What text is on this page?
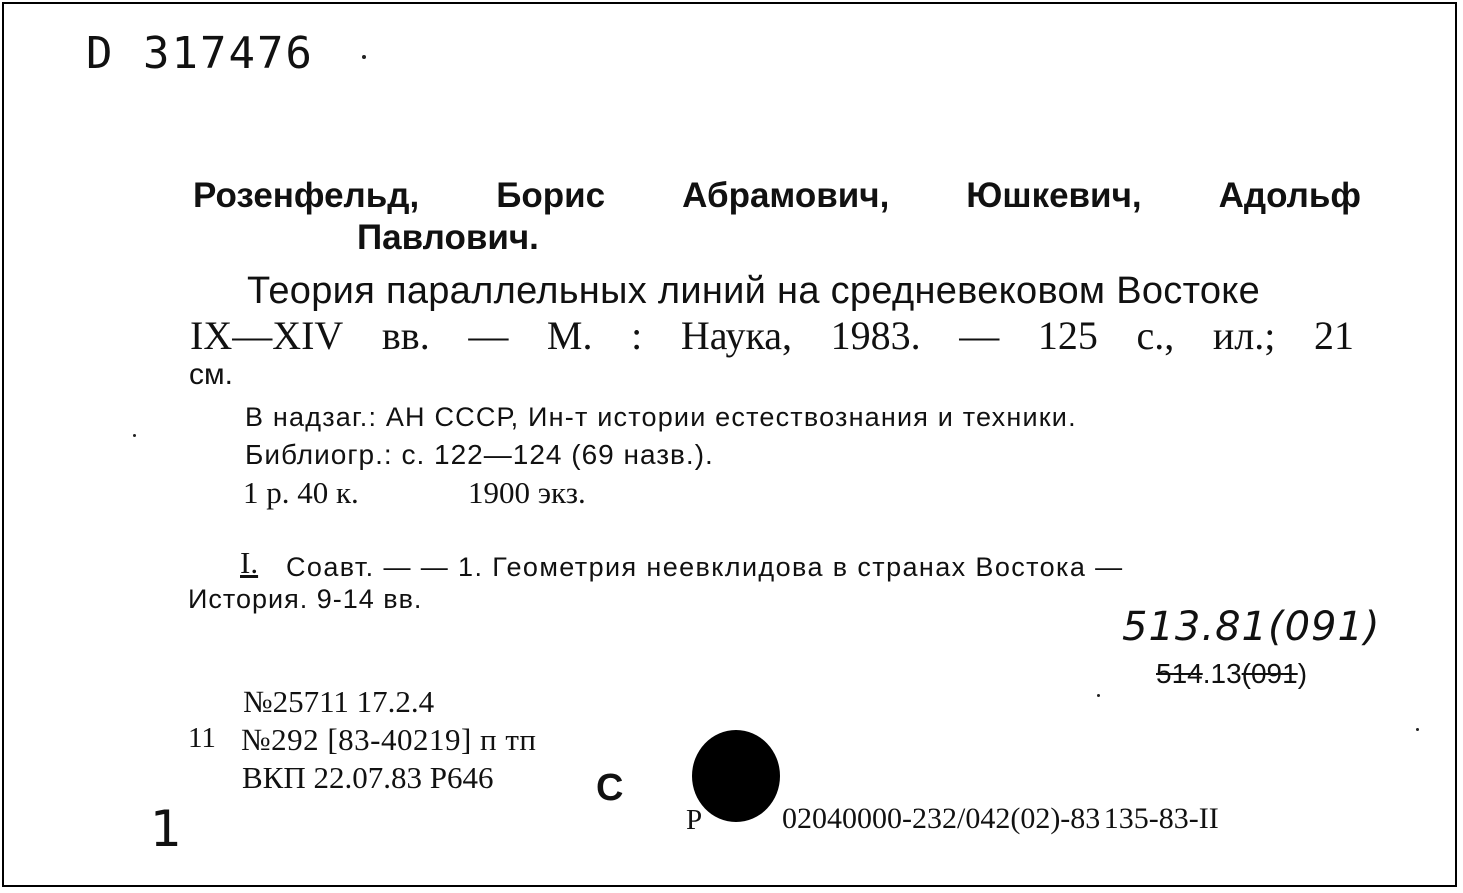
D 317476
Розенфельд, Борис Абрамович, Юшкевич, Адольф
Павлович.
Теория параллельных линий на средневековом Востоке
IX—XIV вв. — М. : Наука, 1983. — 125 с., ил.; 21
см.
В надзаг.: АН СССР, Ин-т истории естествознания и техники.
Библиогр.: с. 122—124 (69 назв.).
1 р. 40 к.	1900 экз.
I. Соавт. — — 1. Геометрия неевклидова в странах Востока —
История. 9-14 вв.
513.81(091)
514.13(091)
№25711 17.2.4
11 №292 [83-40219] п тп
ВКП 22.07.83 Р646	С
Р	02040000-232/042(02)-83 135-83-II
1
